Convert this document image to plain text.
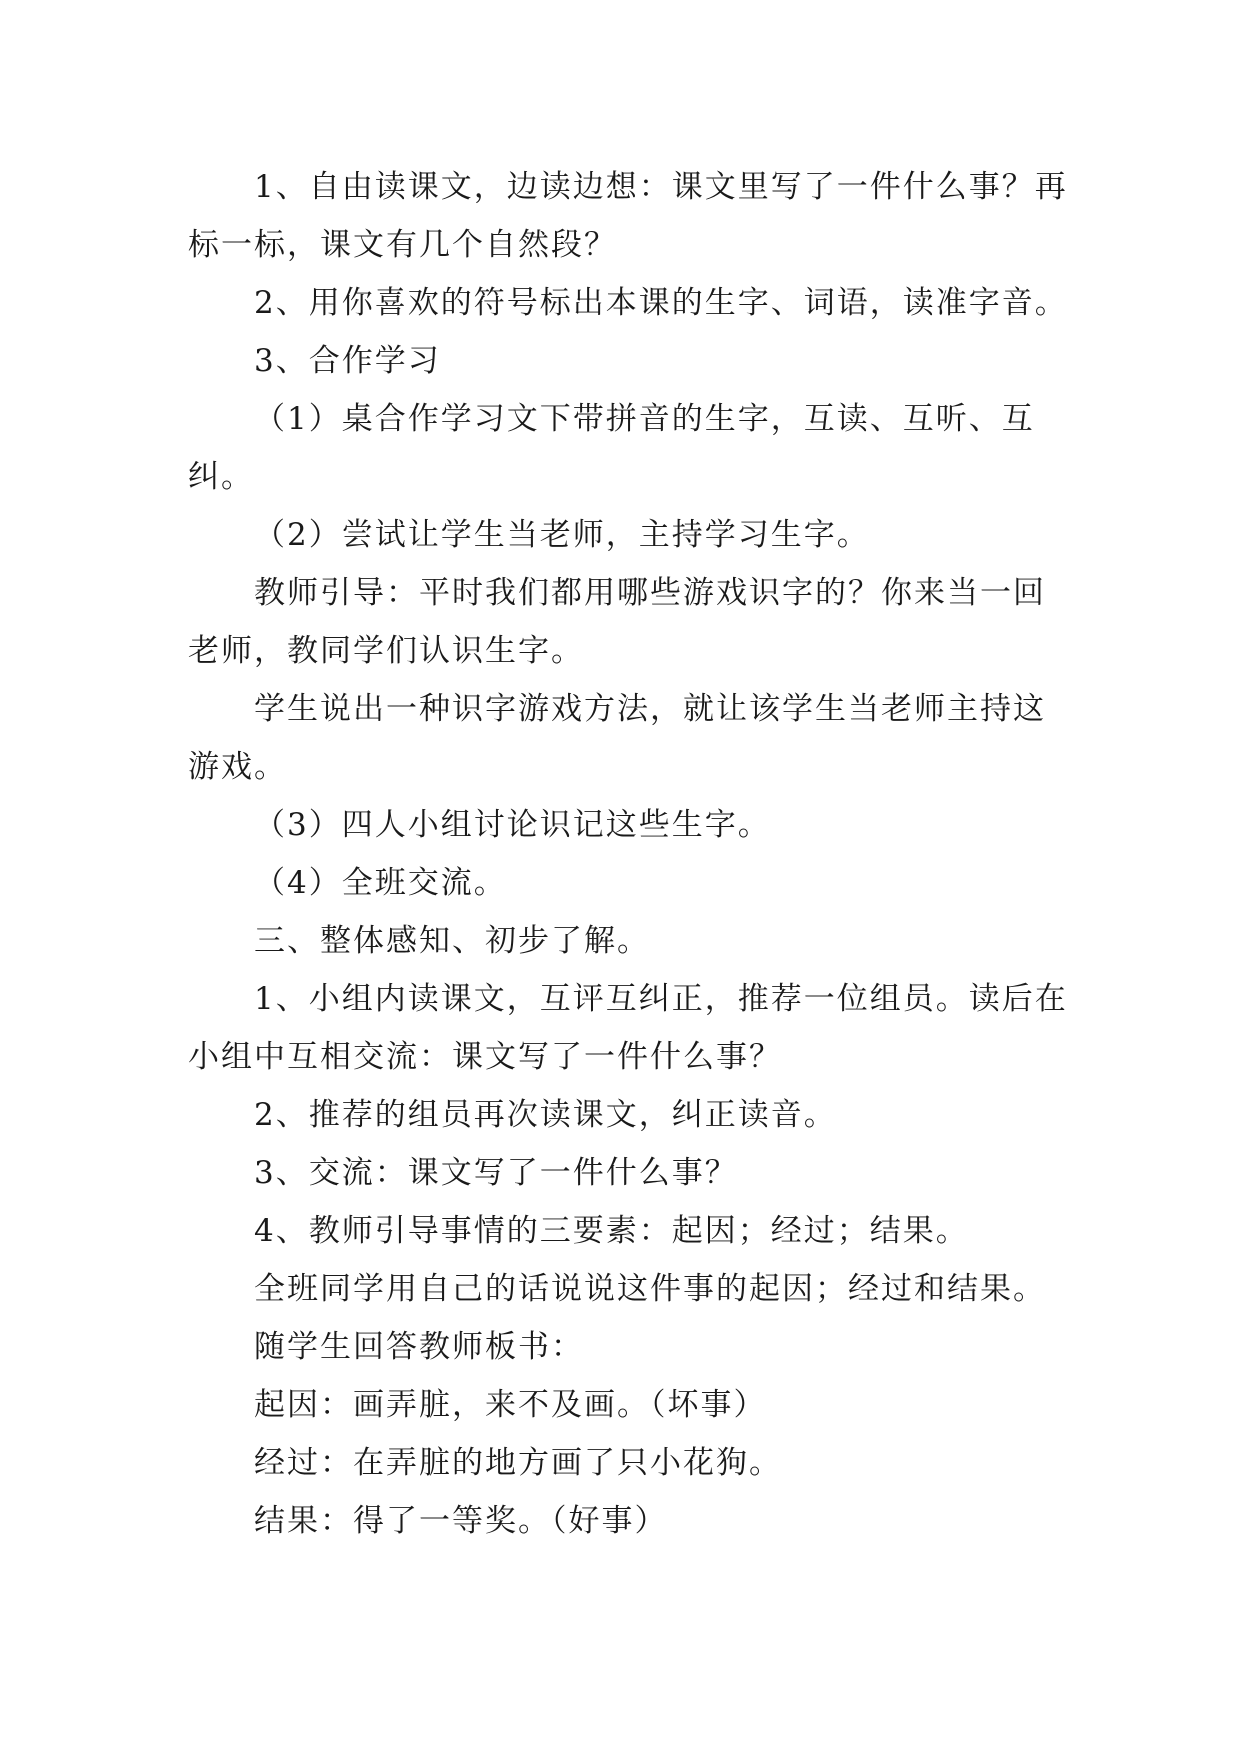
1、自由读课文，边读边想：课文里写了一件什么事？再标一标，课文有几个自然段？

2、用你喜欢的符号标出本课的生字、词语，读准字音。

3、合作学习

（1）桌合作学习文下带拼音的生字，互读、互听、互纠。

（2）尝试让学生当老师，主持学习生字。

教师引导：平时我们都用哪些游戏识字的？你来当一回老师，教同学们认识生字。

学生说出一种识字游戏方法，就让该学生当老师主持这游戏。

（3）四人小组讨论识记这些生字。

（4）全班交流。

三、整体感知、初步了解。

1、小组内读课文，互评互纠正，推荐一位组员。读后在小组中互相交流：课文写了一件什么事？

2、推荐的组员再次读课文，纠正读音。

3、交流：课文写了一件什么事？

4、教师引导事情的三要素：起因；经过；结果。

全班同学用自己的话说说这件事的起因；经过和结果。

随学生回答教师板书：

起因：画弄脏，来不及画。（坏事）

经过：在弄脏的地方画了只小花狗。

结果：得了一等奖。（好事）
